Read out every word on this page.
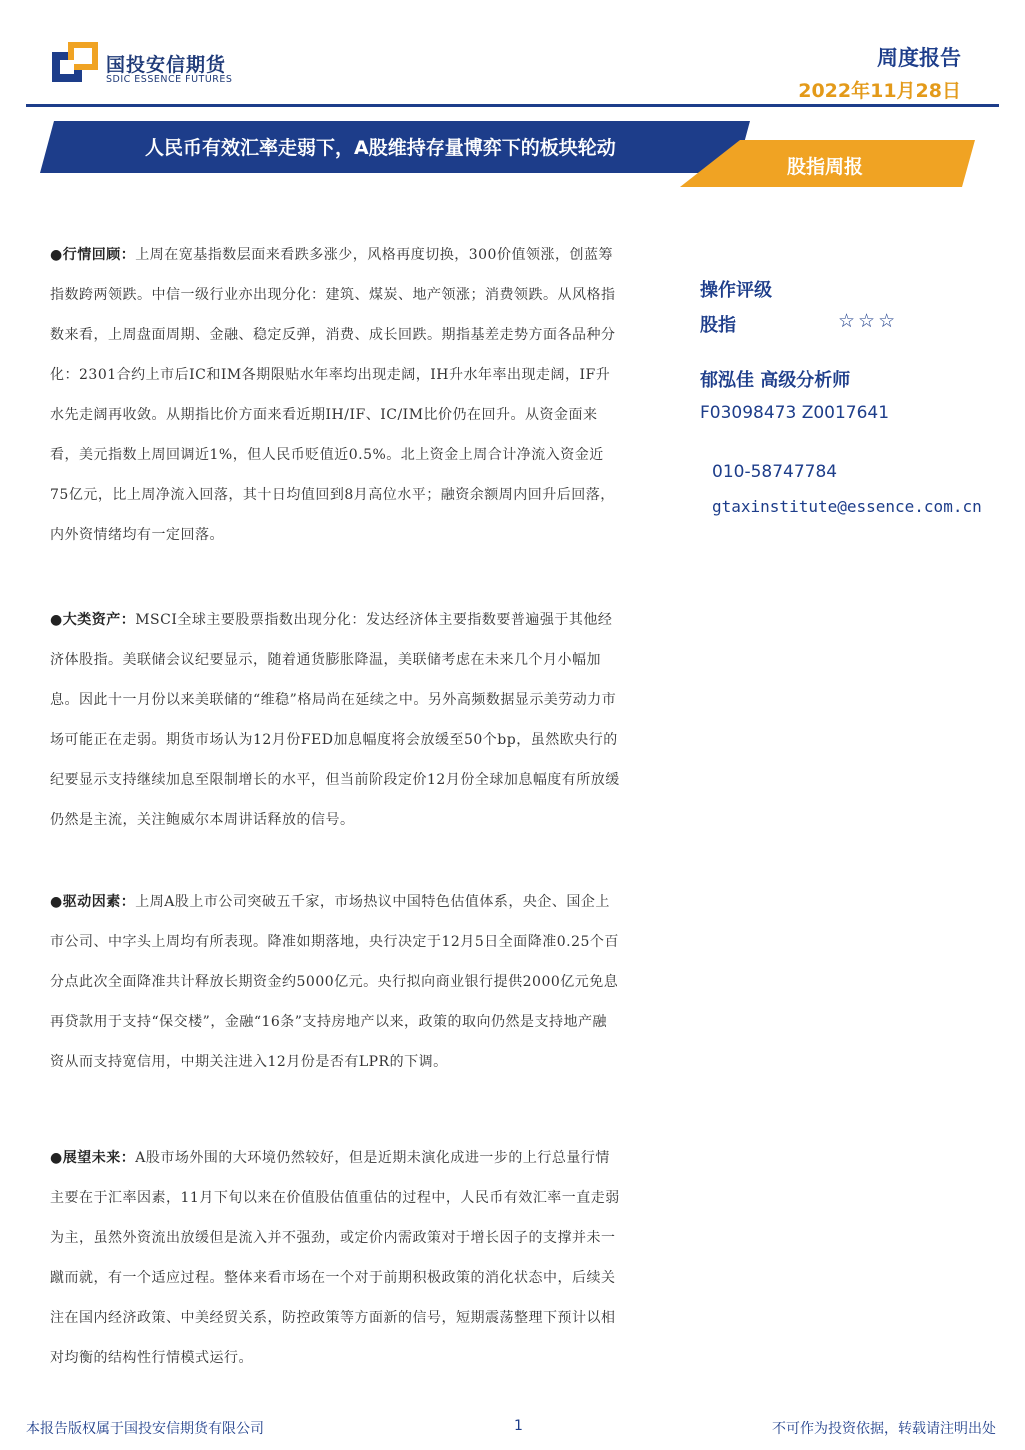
国投安信期货
SDIC ESSENCE FUTURES
周度报告
2022年11月28日
人民币有效汇率走弱下，A股维持存量博弈下的板块轮动
股指周报
●行情回顾：上周在宽基指数层面来看跌多涨少，风格再度切换，300价值领涨，创蓝筹指数跨两领跌。中信一级行业亦出现分化：建筑、煤炭、地产领涨；消费领跌。从风格指数来看，上周盘面周期、金融、稳定反弹，消费、成长回跌。期指基差走势方面各品种分化：2301合约上市后IC和IM各期限贴水年率均出现走阔，IH升水年率出现走阔，IF升水先走阔再收敛。从期指比价方面来看近期IH/IF、IC/IM比价仍在回升。从资金面来看，美元指数上周回调近1%，但人民币贬值近0.5%。北上资金上周合计净流入资金近75亿元，比上周净流入回落，其十日均值回到8月高位水平；融资余额周内回升后回落，内外资情绪均有一定回落。
●大类资产：MSCI全球主要股票指数出现分化：发达经济体主要指数要普遍强于其他经济体股指。美联储会议纪要显示，随着通货膨胀降温，美联储考虑在未来几个月小幅加息。因此十一月份以来美联储的“维稳”格局尚在延续之中。另外高频数据显示美劳动力市场可能正在走弱。期货市场认为12月份FED加息幅度将会放缓至50个bp，虽然欧央行的纪要显示支持继续加息至限制增长的水平，但当前阶段定价12月份全球加息幅度有所放缓仍然是主流，关注鲍威尔本周讲话释放的信号。
●驱动因素：上周A股上市公司突破五千家，市场热议中国特色估值体系，央企、国企上市公司、中字头上周均有所表现。降准如期落地，央行决定于12月5日全面降准0.25个百分点此次全面降准共计释放长期资金约5000亿元。央行拟向商业银行提供2000亿元免息再贷款用于支持“保交楼”，金融“16条”支持房地产以来，政策的取向仍然是支持地产融资从而支持宽信用，中期关注进入12月份是否有LPR的下调。
●展望未来：A股市场外围的大环境仍然较好，但是近期未演化成进一步的上行总量行情主要在于汇率因素，11月下旬以来在价值股估值重估的过程中，人民币有效汇率一直走弱为主，虽然外资流出放缓但是流入并不强劲，或定价内需政策对于增长因子的支撑并未一蹴而就，有一个适应过程。整体来看市场在一个对于前期积极政策的消化状态中，后续关注在国内经济政策、中美经贸关系，防控政策等方面新的信号，短期震荡整理下预计以相对均衡的结构性行情模式运行。
操作评级
股指	☆☆☆
郁泓佳 高级分析师
F03098473 Z0017641
010-58747784
gtaxinstitute@essence.com.cn
本报告版权属于国投安信期货有限公司	1	不可作为投资依据，转载请注明出处
